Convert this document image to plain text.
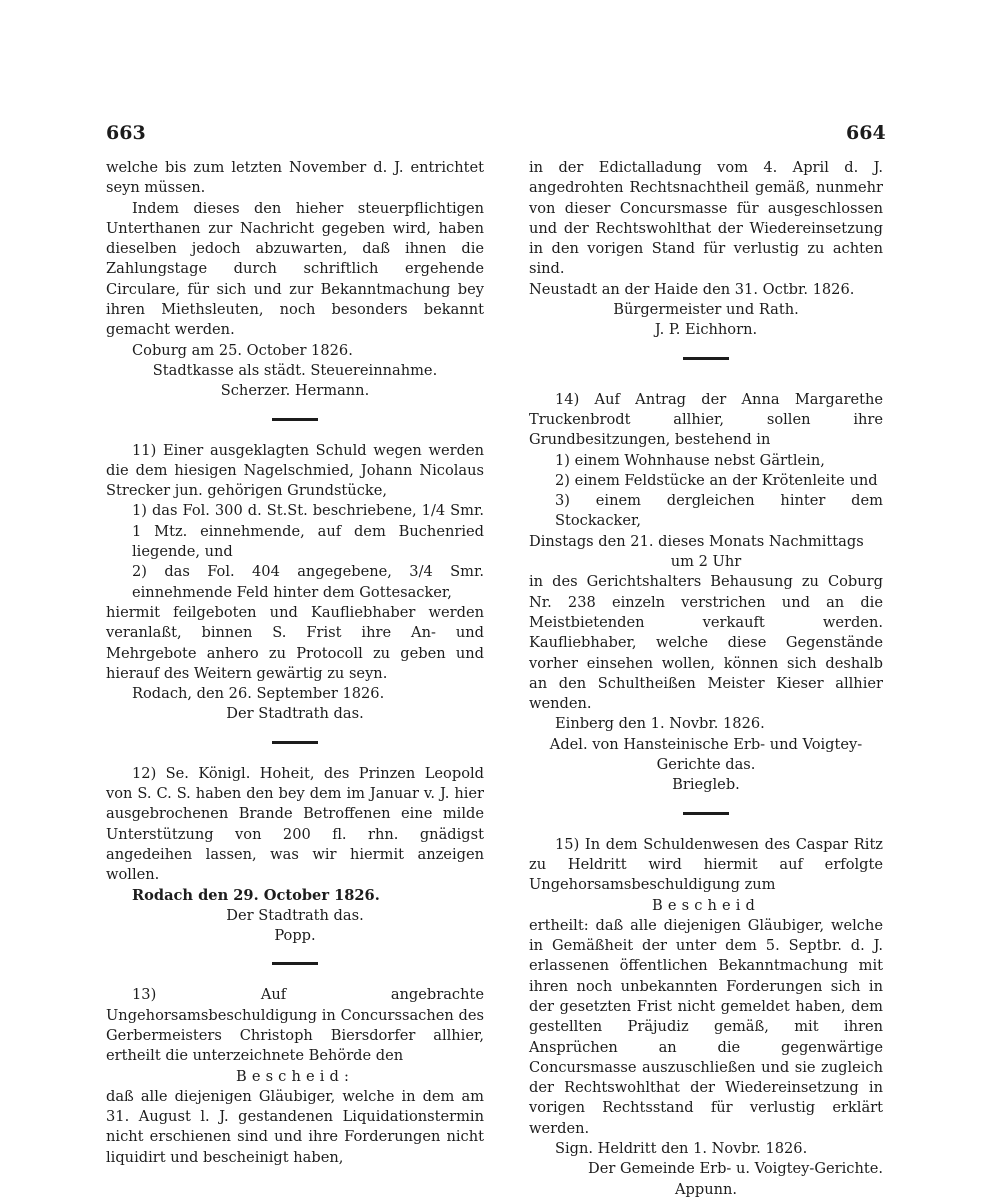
663	664

welche bis zum letzten November d. J. entrichtet seyn müssen.

Indem dieses den hieher steuerpflichtigen Unterthanen zur Nachricht gegeben wird, haben dieselben jedoch abzuwarten, daß ihnen die Zahlungstage durch schriftlich ergehende Circulare, für sich und zur Bekanntmachung bey ihren Miethsleuten, noch besonders bekannt gemacht werden.

Coburg am 25. October 1826.

Stadtkasse als städt. Steuereinnahme.

Scherzer. Hermann.

11) Einer ausgeklagten Schuld wegen werden die dem hiesigen Nagelschmied, Johann Nicolaus Strecker jun. gehörigen Grundstücke,

1) das Fol. 300 d. St.St. beschriebene, 1/4 Smr. 1 Mtz. einnehmende, auf dem Buchenried liegende, und

2) das Fol. 404 angegebene, 3/4 Smr. einnehmende Feld hinter dem Gottesacker,

hiermit feilgeboten und Kaufliebhaber werden veranlaßt, binnen S. Frist ihre An- und Mehrgebote anhero zu Protocoll zu geben und hierauf des Weitern gewärtig zu seyn.

Rodach, den 26. September 1826.

Der Stadtrath das.

12) Se. Königl. Hoheit, des Prinzen Leopold von S. C. S. haben den bey dem im Januar v. J. hier ausgebrochenen Brande Betroffenen eine milde Unterstützung von 200 fl. rhn. gnädigst angedeihen lassen, was wir hiermit anzeigen wollen.

Rodach den 29. October 1826.

Der Stadtrath das.

Popp.

13) Auf angebrachte Ungehorsamsbeschuldigung in Concurssachen des Gerbermeisters Christoph Biersdorfer allhier, ertheilt die unterzeichnete Behörde den

Bescheid:

daß alle diejenigen Gläubiger, welche in dem am 31. August l. J. gestandenen Liquidationstermin nicht erschienen sind und ihre Forderungen nicht liquidirt und bescheinigt haben,

in der Edictalladung vom 4. April d. J. angedrohten Rechtsnachtheil gemäß, nunmehr von dieser Concursmasse für ausgeschlossen und der Rechtswohlthat der Wiedereinsetzung in den vorigen Stand für verlustig zu achten sind.

Neustadt an der Haide den 31. Octbr. 1826.

Bürgermeister und Rath.

J. P. Eichhorn.

14) Auf Antrag der Anna Margarethe Truckenbrodt allhier, sollen ihre Grundbesitzungen, bestehend in

1) einem Wohnhause nebst Gärtlein,

2) einem Feldstücke an der Krötenleite und

3) einem dergleichen hinter dem Stockacker,

Dinstags den 21. dieses Monats Nachmittags

um 2 Uhr

in des Gerichtshalters Behausung zu Coburg Nr. 238 einzeln verstrichen und an die Meistbietenden verkauft werden. Kaufliebhaber, welche diese Gegenstände vorher einsehen wollen, können sich deshalb an den Schultheißen Meister Kieser allhier wenden.

Einberg den 1. Novbr. 1826.

Adel. von Hansteinische Erb- und Voigtey-

Gerichte das.

Briegleb.

15) In dem Schuldenwesen des Caspar Ritz zu Heldritt wird hiermit auf erfolgte Ungehorsamsbeschuldigung zum

Bescheid

ertheilt: daß alle diejenigen Gläubiger, welche in Gemäßheit der unter dem 5. Septbr. d. J. erlassenen öffentlichen Bekanntmachung mit ihren noch unbekannten Forderungen sich in der gesetzten Frist nicht gemeldet haben, dem gestellten Präjudiz gemäß, mit ihren Ansprüchen an die gegenwärtige Concursmasse auszuschließen und sie zugleich der Rechtswohlthat der Wiedereinsetzung in vorigen Rechtsstand für verlustig erklärt werden.

Sign. Heldritt den 1. Novbr. 1826.

Der Gemeinde Erb- u. Voigtey-Gerichte.

Appunn.
